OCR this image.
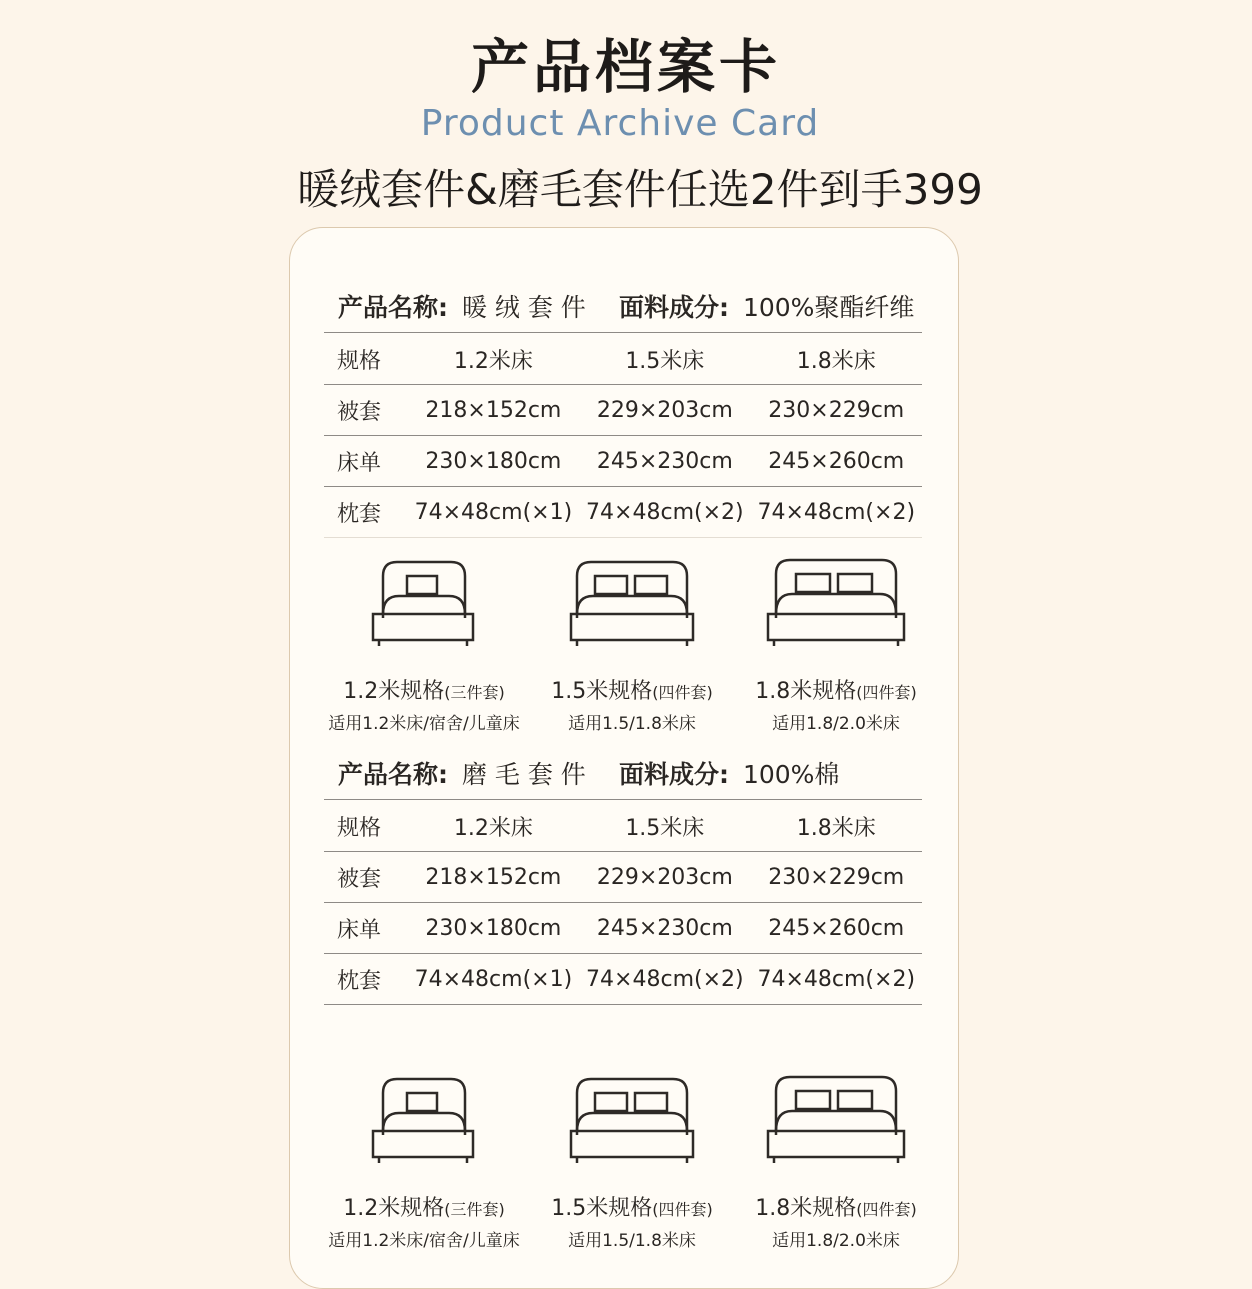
产品档案卡
Product Archive Card
暖绒套件&磨毛套件任选2件到手399
产品名称: 暖 绒 套 件 面料成分: 100%聚酯纤维
规格	1.2米床	1.5米床	1.8米床
被套	218×152cm	229×203cm	230×229cm
床单	230×180cm	245×230cm	245×260cm
枕套	74×48cm(×1)	74×48cm(×2)	74×48cm(×2)
1.2米规格(三件套)
适用1.2米床/宿舍/儿童床
1.5米规格(四件套)
适用1.5/1.8米床
1.8米规格(四件套)
适用1.8/2.0米床
产品名称: 磨 毛 套 件 面料成分: 100%棉
规格	1.2米床	1.5米床	1.8米床
被套	218×152cm	229×203cm	230×229cm
床单	230×180cm	245×230cm	245×260cm
枕套	74×48cm(×1)	74×48cm(×2)	74×48cm(×2)
1.2米规格(三件套)
适用1.2米床/宿舍/儿童床
1.5米规格(四件套)
适用1.5/1.8米床
1.8米规格(四件套)
适用1.8/2.0米床
